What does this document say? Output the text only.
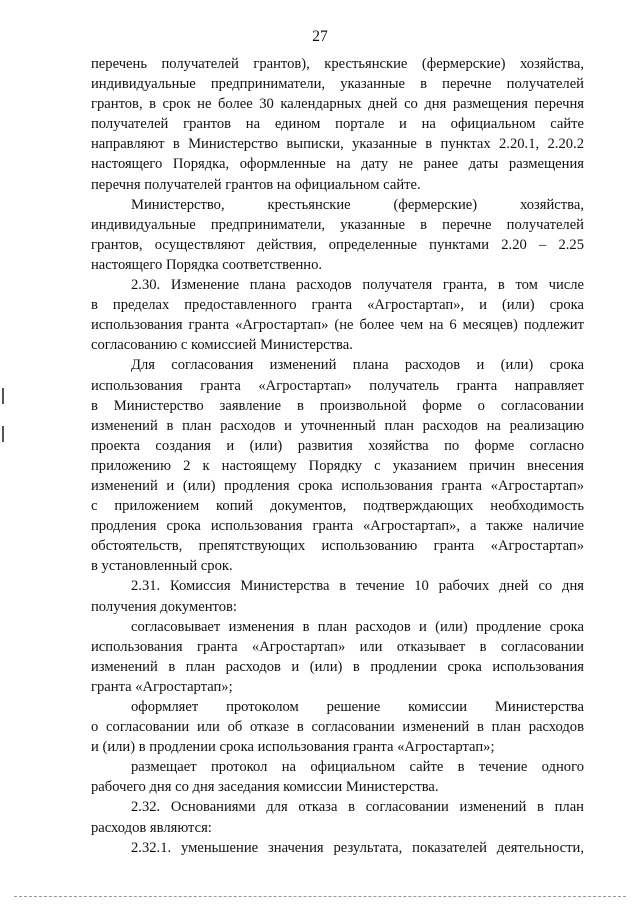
27
перечень получателей грантов), крестьянские (фермерские) хозяйства,
индивидуальные предприниматели, указанные в перечне получателей
грантов, в срок не более 30 календарных дней со дня размещения перечня
получателей грантов на едином портале и на официальном сайте
направляют в Министерство выписки, указанные в пунктах 2.20.1, 2.20.2
настоящего Порядка, оформленные на дату не ранее даты размещения
перечня получателей грантов на официальном сайте.
Министерство, крестьянские (фермерские) хозяйства,
индивидуальные предприниматели, указанные в перечне получателей
грантов, осуществляют действия, определенные пунктами 2.20 – 2.25
настоящего Порядка соответственно.
2.30. Изменение плана расходов получателя гранта, в том числе
в пределах предоставленного гранта «Агростартап», и (или) срока
использования гранта «Агростартап» (не более чем на 6 месяцев) подлежит
согласованию с комиссией Министерства.
Для согласования изменений плана расходов и (или) срока
использования гранта «Агростартап» получатель гранта направляет
в Министерство заявление в произвольной форме о согласовании
изменений в план расходов и уточненный план расходов на реализацию
проекта создания и (или) развития хозяйства по форме согласно
приложению 2 к настоящему Порядку с указанием причин внесения
изменений и (или) продления срока использования гранта «Агростартап»
с приложением копий документов, подтверждающих необходимость
продления срока использования гранта «Агростартап», а также наличие
обстоятельств, препятствующих использованию гранта «Агростартап»
в установленный срок.
2.31. Комиссия Министерства в течение 10 рабочих дней со дня
получения документов:
согласовывает изменения в план расходов и (или) продление срока
использования гранта «Агростартап» или отказывает в согласовании
изменений в план расходов и (или) в продлении срока использования
гранта «Агростартап»;
оформляет протоколом решение комиссии Министерства
о согласовании или об отказе в согласовании изменений в план расходов
и (или) в продлении срока использования гранта «Агростартап»;
размещает протокол на официальном сайте в течение одного
рабочего дня со дня заседания комиссии Министерства.
2.32. Основаниями для отказа в согласовании изменений в план
расходов являются:
2.32.1. уменьшение значения результата, показателей деятельности,
